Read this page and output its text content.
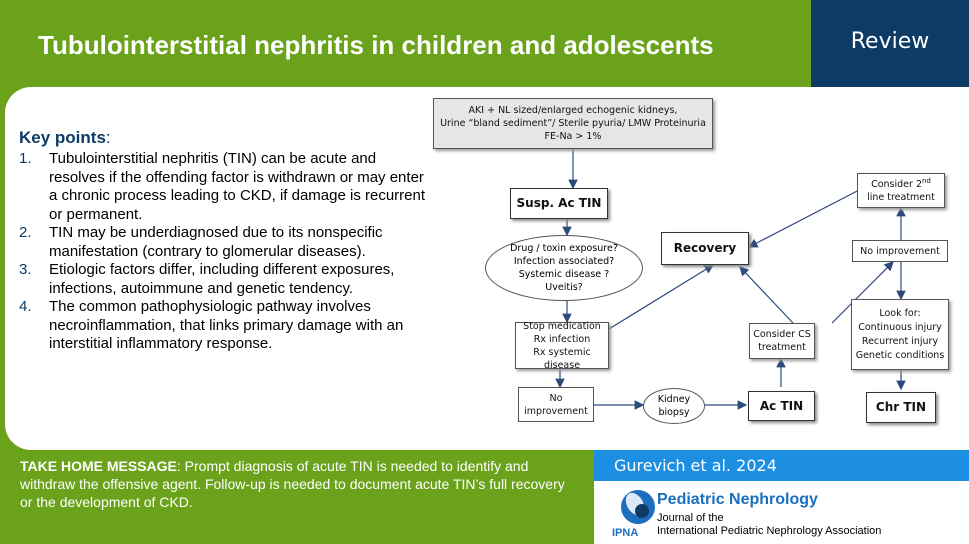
Tubulointerstitial nephritis in children and adolescents	Review
Key points:
1.	Tubulointerstitial nephritis (TIN) can be acute and resolves if the offending factor is withdrawn or may enter a chronic process leading to CKD, if damage is recurrent or permanent.
2.	TIN may be underdiagnosed due to its nonspecific manifestation (contrary to glomerular diseases).
3.	Etiologic factors differ, including different exposures, infections, autoimmune and genetic tendency.
4.	The common pathophysiologic pathway involves necroinflammation, that links primary damage with an interstitial inflammatory response.
AKI + NL sized/enlarged echogenic kidneys,
Urine “bland sediment”/ Sterile pyuria/ LMW Proteinuria
FE-Na > 1%
Susp. Ac TIN
Drug / toxin exposure?
Infection associated?
Systemic disease ?
Uveitis?
Recovery
Stop medication
Rx infection
Rx systemic disease
No
improvement
Kidney
biopsy	Ac TIN
Consider CS
treatment
Consider 2nd
line treatment
No improvement
Look for:
Continuous injury
Recurrent injury
Genetic conditions
Chr TIN
TAKE HOME MESSAGE: Prompt diagnosis of acute TIN is needed to identify and withdraw the offensive agent. Follow-up is needed to document acute TIN’s full recovery or the development of CKD.
Gurevich et al. 2024
IPNA
Pediatric Nephrology
Journal of the
International Pediatric Nephrology Association
